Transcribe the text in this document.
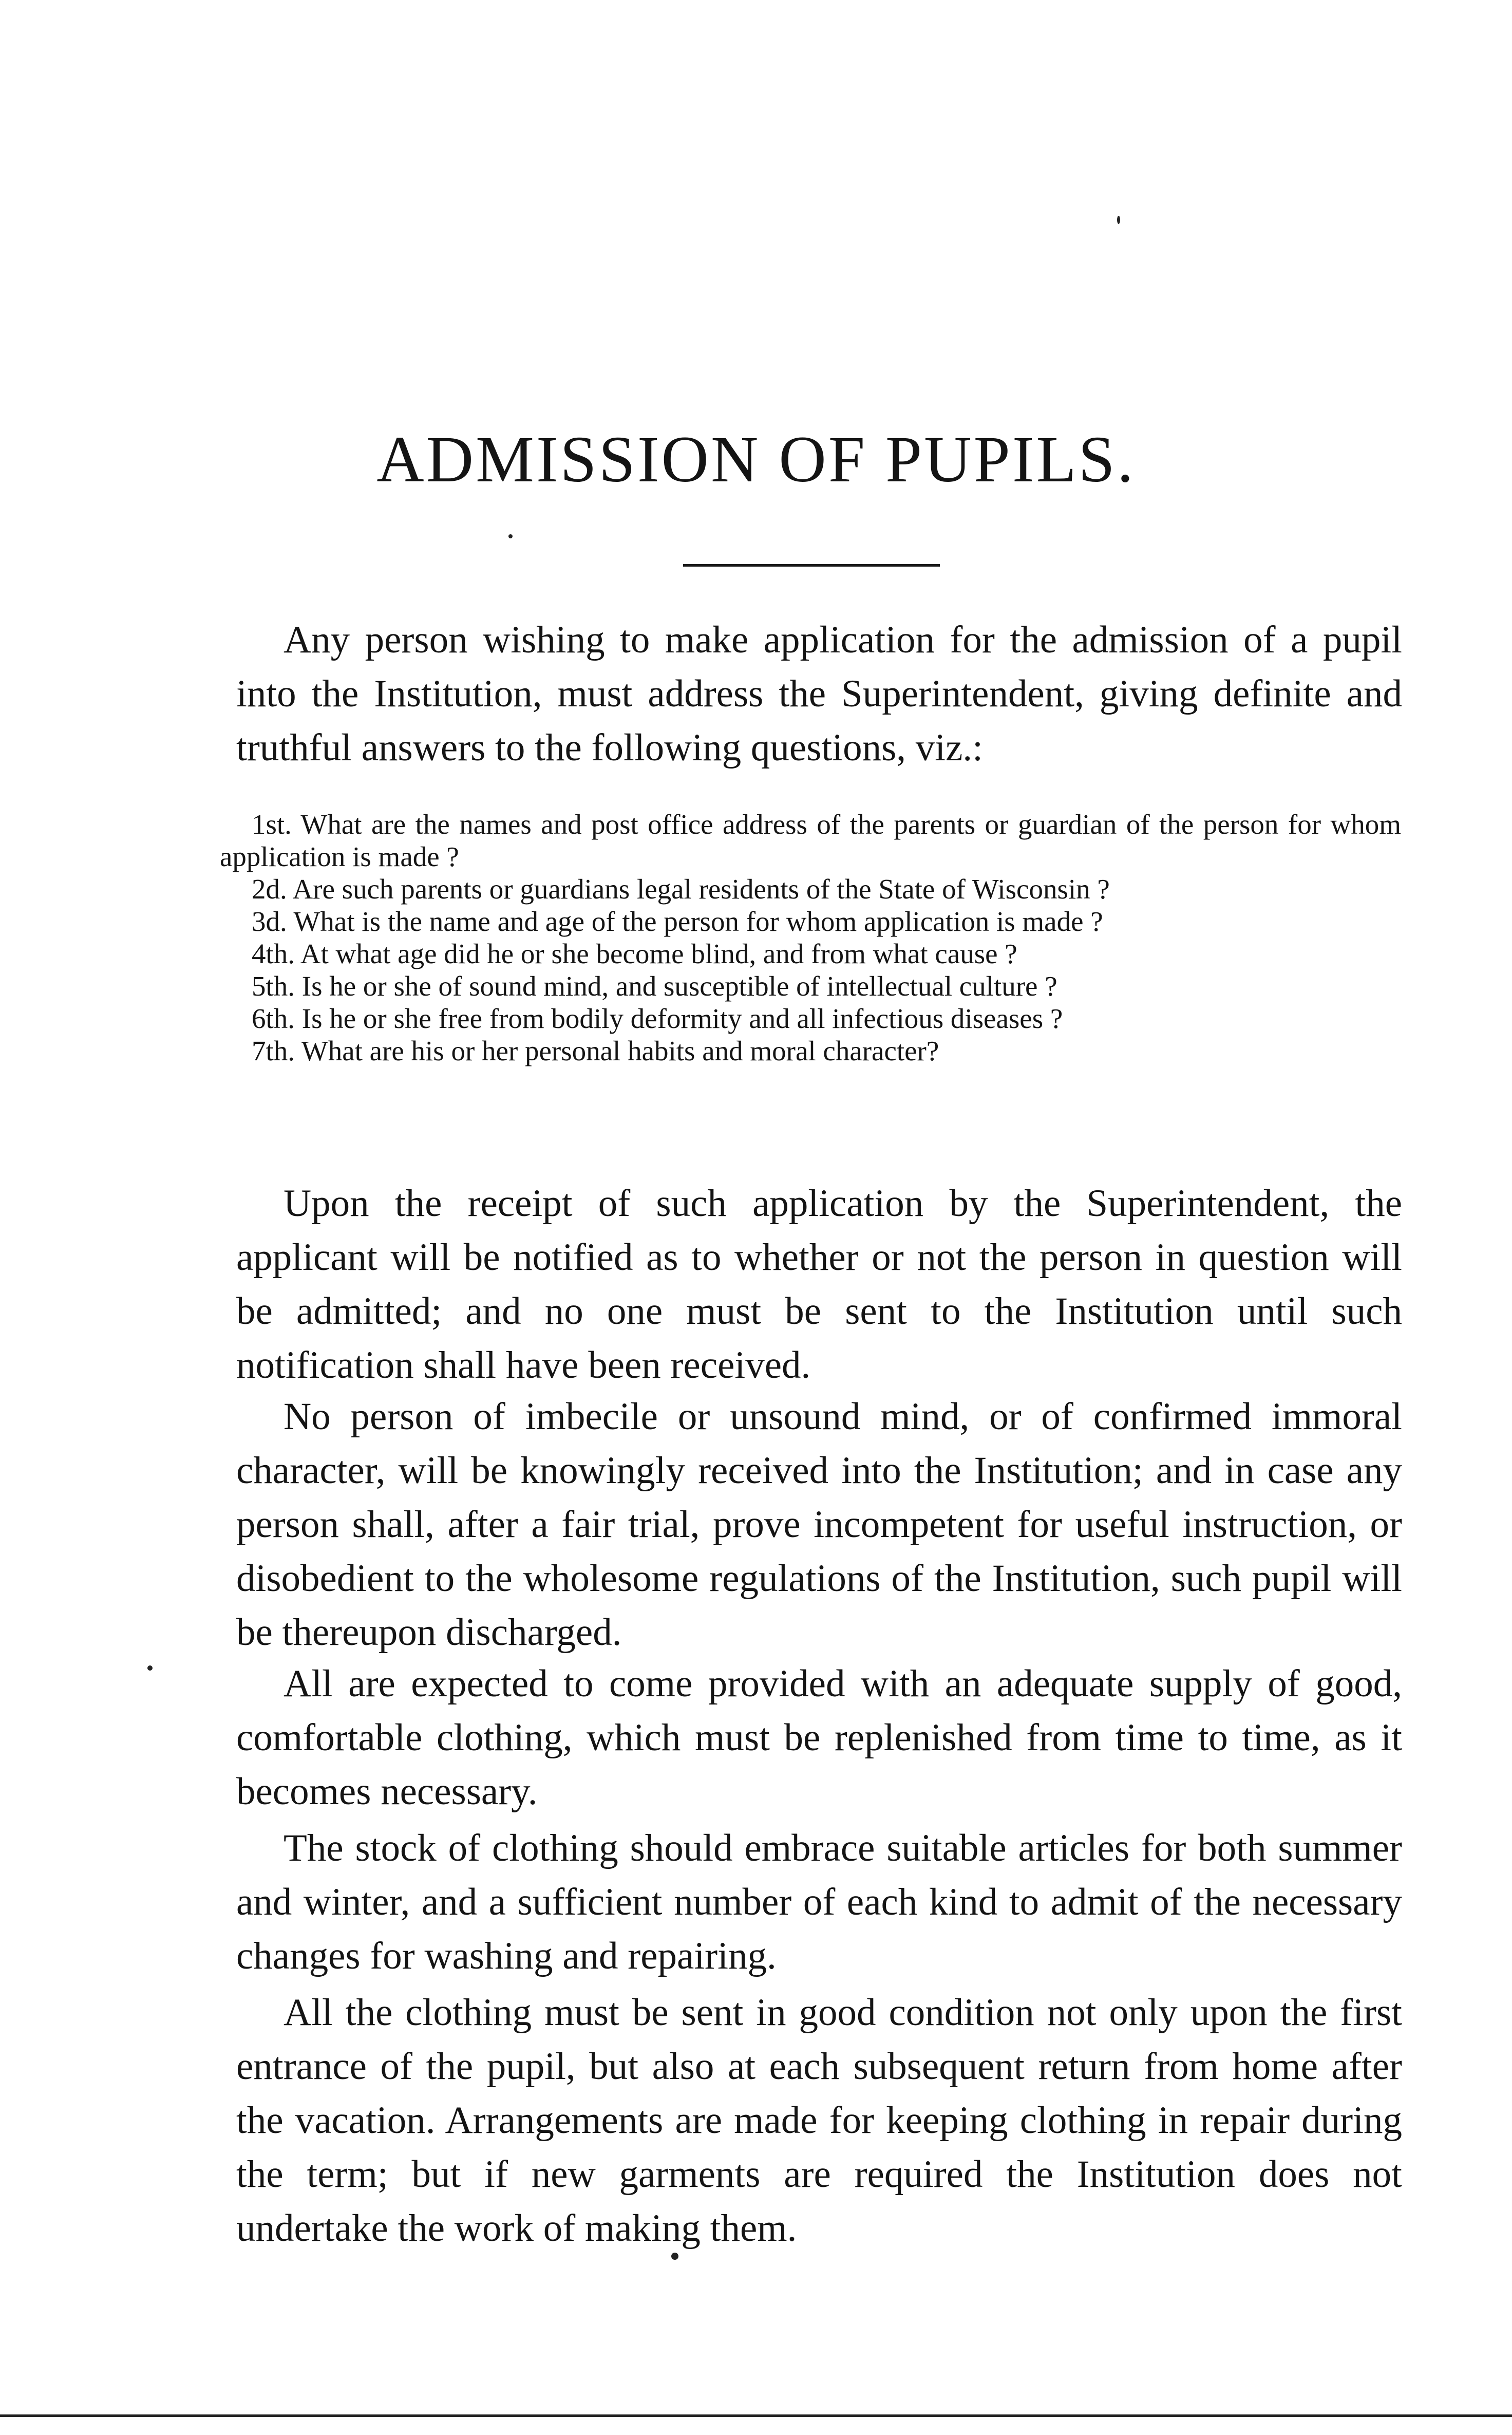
ADMISSION OF PUPILS.

Any person wishing to make application for the admission of a pupil into the Institution, must address the Superintendent, giving definite and truthful answers to the following questions, viz.:

1st. What are the names and post office address of the parents or guardian of the person for whom application is made ?
2d. Are such parents or guardians legal residents of the State of Wisconsin ?
3d. What is the name and age of the person for whom application is made ?
4th. At what age did he or she become blind, and from what cause ?
5th. Is he or she of sound mind, and susceptible of intellectual culture ?
6th. Is he or she free from bodily deformity and all infectious diseases ?
7th. What are his or her personal habits and moral character?

Upon the receipt of such application by the Superintendent, the applicant will be notified as to whether or not the person in question will be admitted; and no one must be sent to the Institution until such notification shall have been received.

No person of imbecile or unsound mind, or of confirmed immoral character, will be knowingly received into the Institution; and in case any person shall, after a fair trial, prove incompetent for useful instruction, or disobedient to the wholesome regulations of the Institution, such pupil will be thereupon discharged.

All are expected to come provided with an adequate supply of good, comfortable clothing, which must be replenished from time to time, as it becomes necessary.

The stock of clothing should embrace suitable articles for both summer and winter, and a sufficient number of each kind to admit of the necessary changes for washing and repairing.

All the clothing must be sent in good condition not only upon the first entrance of the pupil, but also at each subsequent return from home after the vacation. Arrangements are made for keeping clothing in repair during the term; but if new garments are required the Institution does not undertake the work of making them.
